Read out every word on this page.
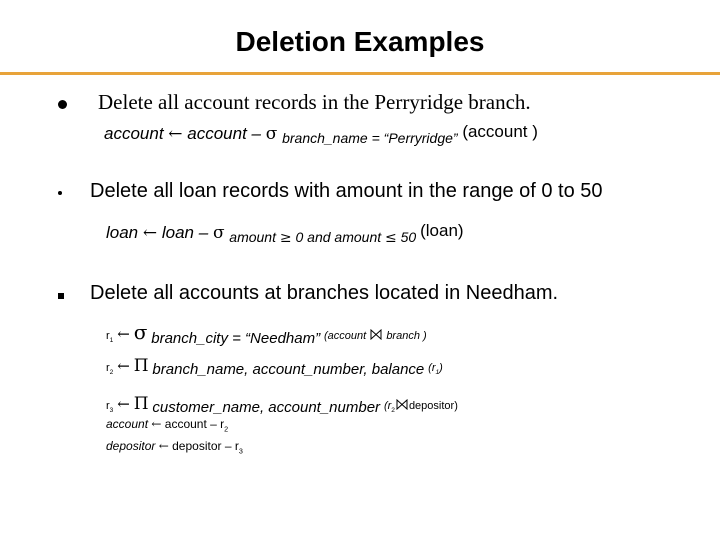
Deletion Examples
Delete all account records in the Perryridge branch.
account ← account – σ $_{branch\_name = “Perryridge”}$ (account )
Delete all loan records with amount in the range of 0 to 50
loan ← loan – σ $_{amount \ge 0 and amount \le 50}$ (loan)
Delete all accounts at branches located in Needham.
$r_1$ ← σ branch_city = “Needham” (account branch )
$r_2$ ← Π branch_name, account_number, balance $(r_1)$
$r_3$ ← Π customer_name, account_number ($r_2$ depositor)
account ← account – $r_2$
depositor ← depositor – $r_3$
